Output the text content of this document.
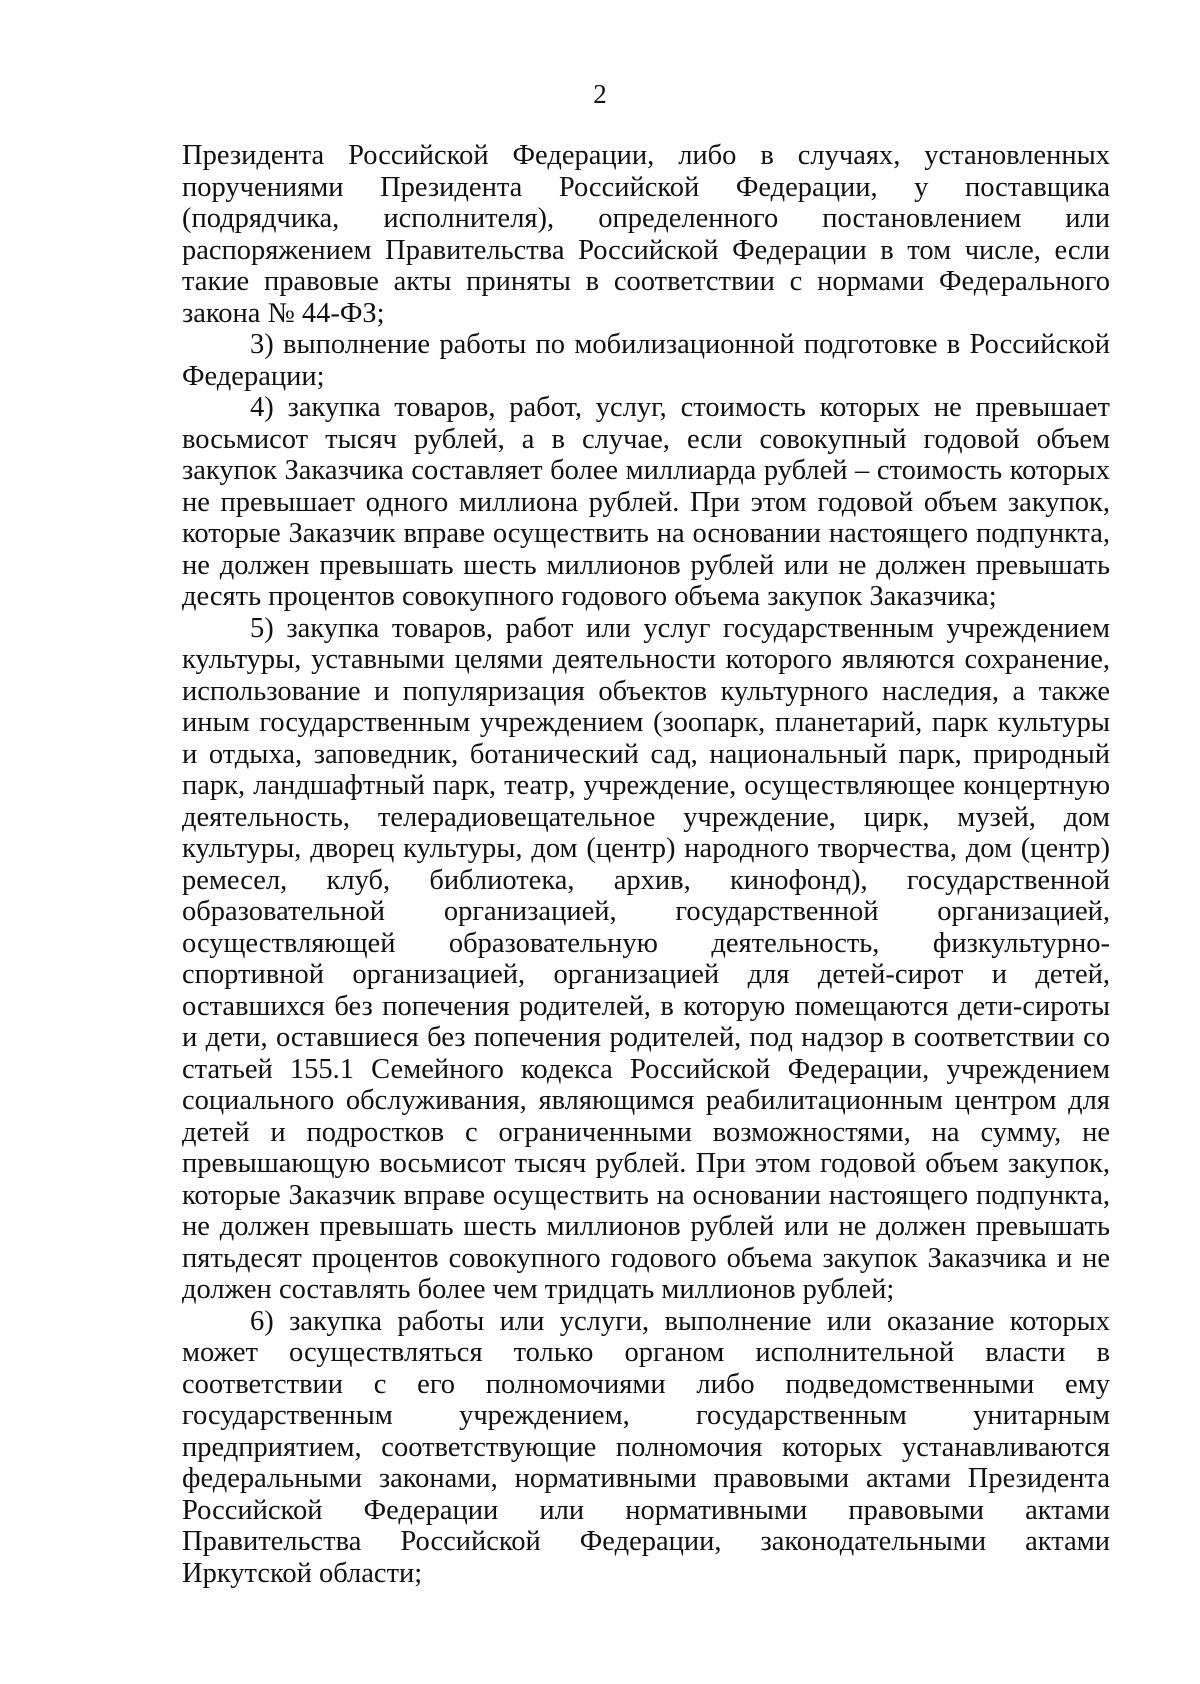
2

Президента Российской Федерации, либо в случаях, установленных поручениями Президента Российской Федерации, у поставщика (подрядчика, исполнителя), определенного постановлением или распоряжением Правительства Российской Федерации в том числе, если такие правовые акты приняты в соответствии с нормами Федерального закона № 44-ФЗ;

3) выполнение работы по мобилизационной подготовке в Российской Федерации;

4) закупка товаров, работ, услуг, стоимость которых не превышает восьмисот тысяч рублей, а в случае, если совокупный годовой объем закупок Заказчика составляет более миллиарда рублей – стоимость которых не превышает одного миллиона рублей. При этом годовой объем закупок, которые Заказчик вправе осуществить на основании настоящего подпункта, не должен превышать шесть миллионов рублей или не должен превышать десять процентов совокупного годового объема закупок Заказчика;

5) закупка товаров, работ или услуг государственным учреждением культуры, уставными целями деятельности которого являются сохранение, использование и популяризация объектов культурного наследия, а также иным государственным учреждением (зоопарк, планетарий, парк культуры и отдыха, заповедник, ботанический сад, национальный парк, природный парк, ландшафтный парк, театр, учреждение, осуществляющее концертную деятельность, телерадиовещательное учреждение, цирк, музей, дом культуры, дворец культуры, дом (центр) народного творчества, дом (центр) ремесел, клуб, библиотека, архив, кинофонд), государственной образовательной организацией, государственной организацией, осуществляющей образовательную деятельность, физкультурно-спортивной организацией, организацией для детей-сирот и детей, оставшихся без попечения родителей, в которую помещаются дети-сироты и дети, оставшиеся без попечения родителей, под надзор в соответствии со статьей 155.1 Семейного кодекса Российской Федерации, учреждением социального обслуживания, являющимся реабилитационным центром для детей и подростков с ограниченными возможностями, на сумму, не превышающую восьмисот тысяч рублей. При этом годовой объем закупок, которые Заказчик вправе осуществить на основании настоящего подпункта, не должен превышать шесть миллионов рублей или не должен превышать пятьдесят процентов совокупного годового объема закупок Заказчика и не должен составлять более чем тридцать миллионов рублей;

6) закупка работы или услуги, выполнение или оказание которых может осуществляться только органом исполнительной власти в соответствии с его полномочиями либо подведомственными ему государственным учреждением, государственным унитарным предприятием, соответствующие полномочия которых устанавливаются федеральными законами, нормативными правовыми актами Президента Российской Федерации или нормативными правовыми актами Правительства Российской Федерации, законодательными актами Иркутской области;
